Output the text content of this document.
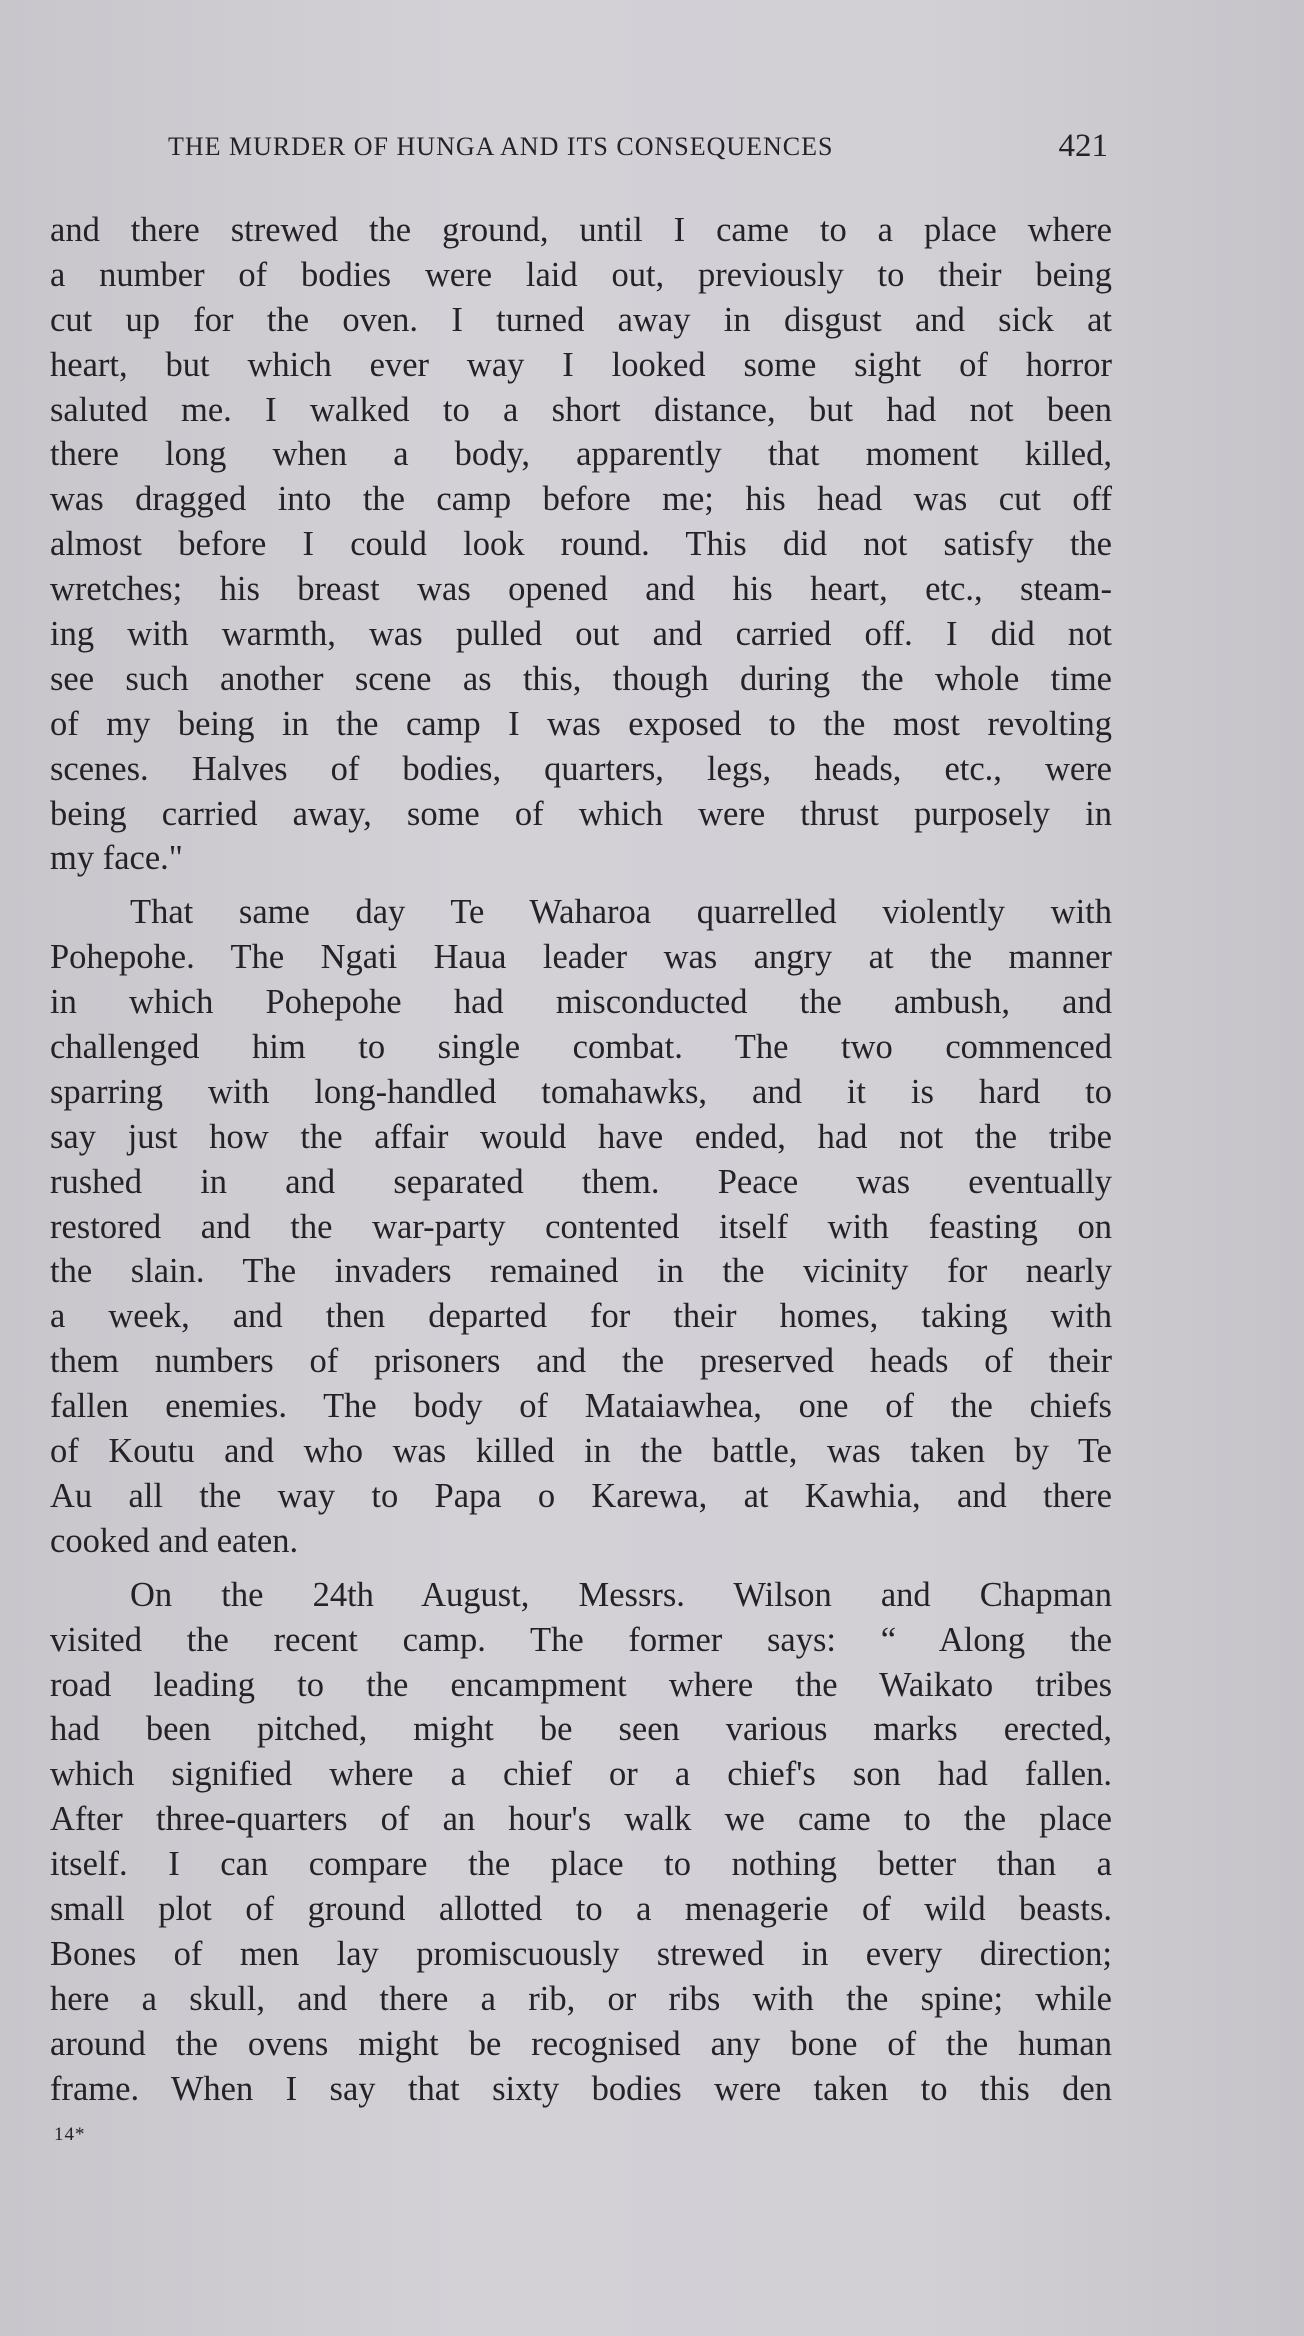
THE MURDER OF HUNGA AND ITS CONSEQUENCES	421
and there strewed the ground, until I came to a place where
a number of bodies were laid out, previously to their being
cut up for the oven. I turned away in disgust and sick at
heart, but which ever way I looked some sight of horror
saluted me. I walked to a short distance, but had not been
there long when a body, apparently that moment killed,
was dragged into the camp before me; his head was cut off
almost before I could look round. This did not satisfy the
wretches; his breast was opened and his heart, etc., steam-
ing with warmth, was pulled out and carried off. I did not
see such another scene as this, though during the whole time
of my being in the camp I was exposed to the most revolting
scenes. Halves of bodies, quarters, legs, heads, etc., were
being carried away, some of which were thrust purposely in
my face."
That same day Te Waharoa quarrelled violently with
Pohepohe. The Ngati Haua leader was angry at the manner
in which Pohepohe had misconducted the ambush, and
challenged him to single combat. The two commenced
sparring with long-handled tomahawks, and it is hard to
say just how the affair would have ended, had not the tribe
rushed in and separated them. Peace was eventually
restored and the war-party contented itself with feasting on
the slain. The invaders remained in the vicinity for nearly
a week, and then departed for their homes, taking with
them numbers of prisoners and the preserved heads of their
fallen enemies. The body of Mataiawhea, one of the chiefs
of Koutu and who was killed in the battle, was taken by Te
Au all the way to Papa o Karewa, at Kawhia, and there
cooked and eaten.
On the 24th August, Messrs. Wilson and Chapman
visited the recent camp. The former says: “ Along the
road leading to the encampment where the Waikato tribes
had been pitched, might be seen various marks erected,
which signified where a chief or a chief's son had fallen.
After three-quarters of an hour's walk we came to the place
itself. I can compare the place to nothing better than a
small plot of ground allotted to a menagerie of wild beasts.
Bones of men lay promiscuously strewed in every direction;
here a skull, and there a rib, or ribs with the spine; while
around the ovens might be recognised any bone of the human
frame. When I say that sixty bodies were taken to this den
14*
